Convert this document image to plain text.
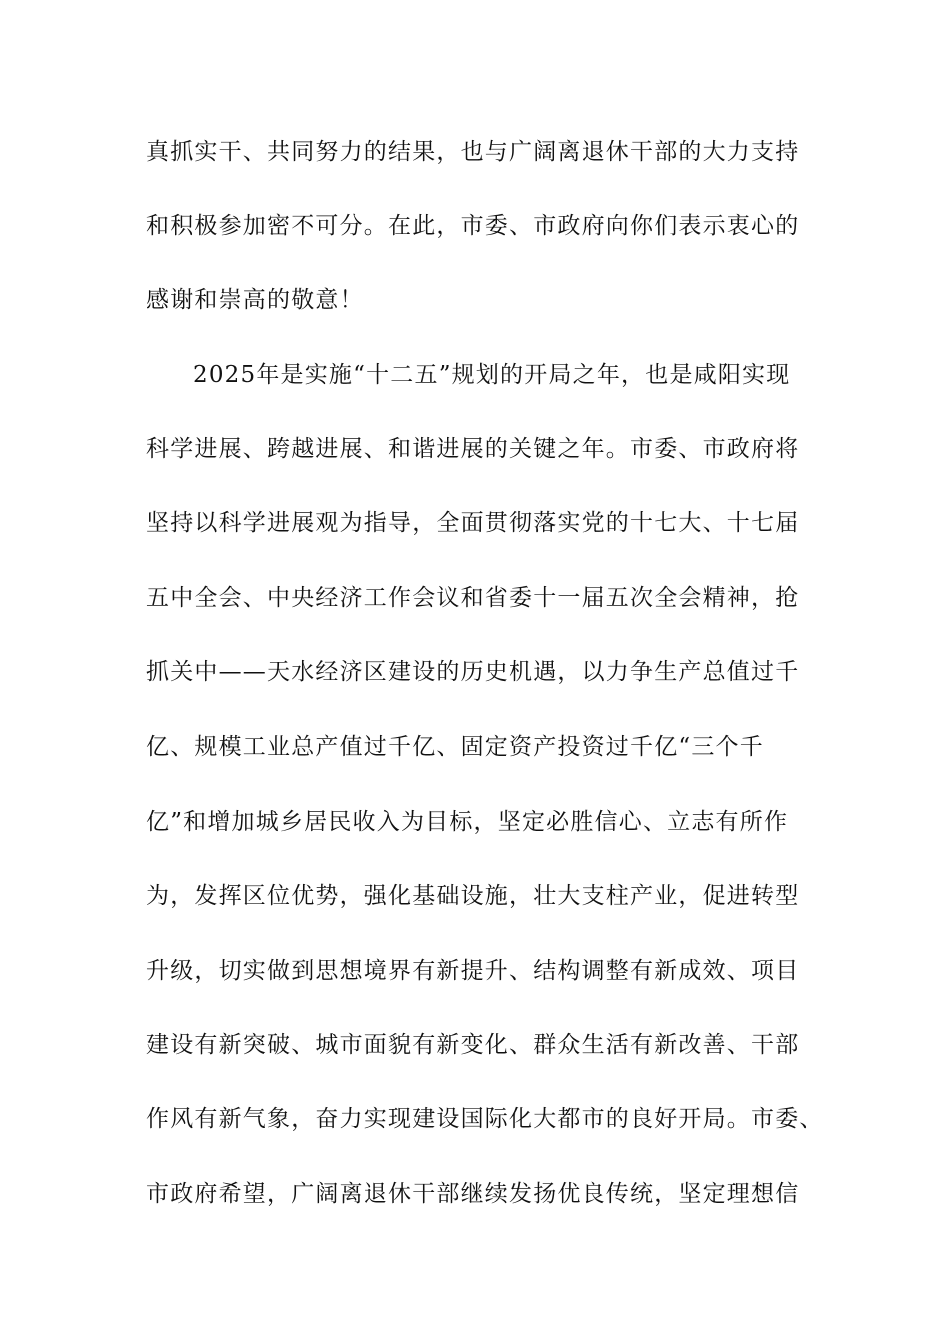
真抓实干、共同努力的结果，也与广阔离退休干部的大力支持
和积极参加密不可分。在此，市委、市政府向你们表示衷心的
感谢和崇高的敬意！
2025年是实施“十二五”规划的开局之年，也是咸阳实现
科学进展、跨越进展、和谐进展的关键之年。市委、市政府将
坚持以科学进展观为指导，全面贯彻落实党的十七大、十七届
五中全会、中央经济工作会议和省委十一届五次全会精神，抢
抓关中——天水经济区建设的历史机遇，以力争生产总值过千
亿、规模工业总产值过千亿、固定资产投资过千亿“三个千
亿”和增加城乡居民收入为目标，坚定必胜信心、立志有所作
为，发挥区位优势，强化基础设施，壮大支柱产业，促进转型
升级，切实做到思想境界有新提升、结构调整有新成效、项目
建设有新突破、城市面貌有新变化、群众生活有新改善、干部
作风有新气象，奋力实现建设国际化大都市的良好开局。市委、
市政府希望，广阔离退休干部继续发扬优良传统，坚定理想信
